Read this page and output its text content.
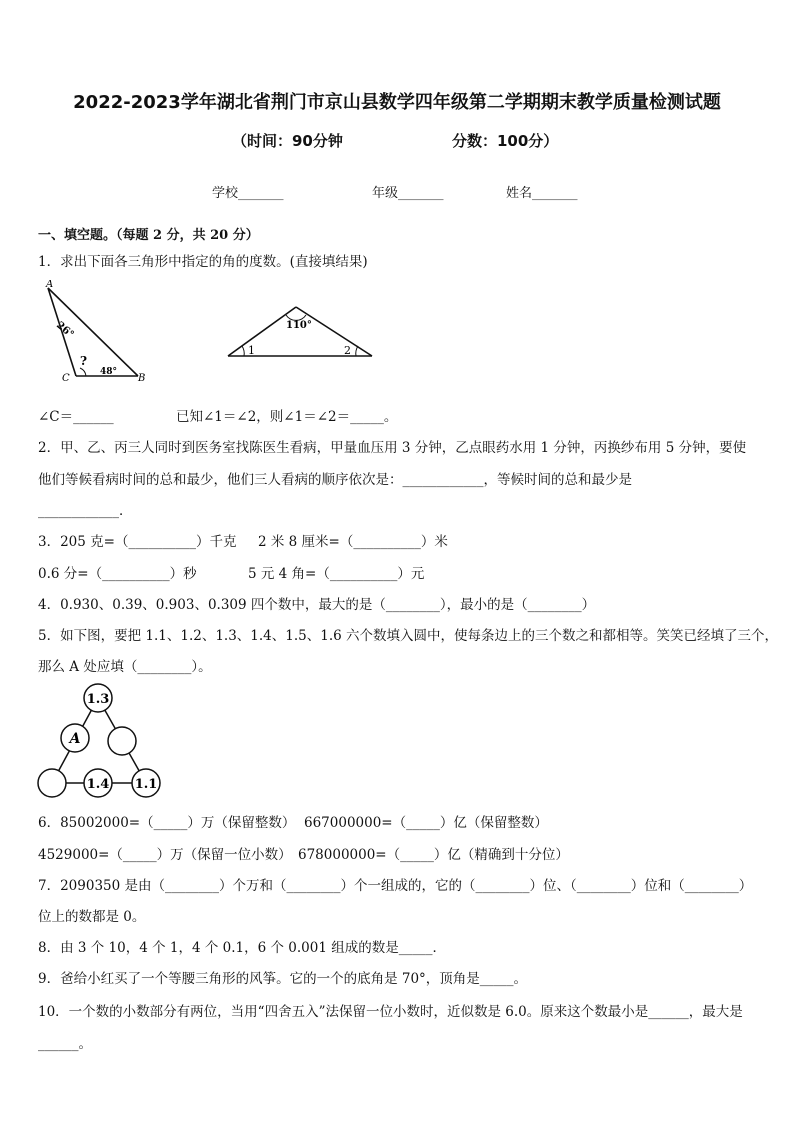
2022-2023学年湖北省荆门市京山县数学四年级第二学期期末教学质量检测试题
（时间：90分钟	分数：100分）
学校_______	年级_______	姓名_______
一、填空题。（每题 2 分，共 20 分）
1．求出下面各三角形中指定的角的度数。(直接填结果)
A
C	B
26°
?
48°
110°
1	2
∠C＝______	已知∠1＝∠2，则∠1＝∠2＝_____。
2．甲、乙、丙三人同时到医务室找陈医生看病，甲量血压用 3 分钟，乙点眼药水用 1 分钟，丙换纱布用 5 分钟，要使
他们等候看病时间的总和最少，他们三人看病的顺序依次是：____________，等候时间的总和最少是
____________．
3．205 克=（__________）千克 2 米 8 厘米=（__________）米
0.6 分=（__________）秒	5 元 4 角=（__________）元
4．0.930、0.39、0.903、0.309 四个数中，最大的是（________），最小的是（________）
5．如下图，要把 1.1、1.2、1.3、1.4、1.5、1.6 六个数填入圆中，使每条边上的三个数之和都相等。笑笑已经填了三个，
那么 A 处应填（________）。
1.3
A
1.4 1.1
6．85002000=（_____）万（保留整数） 667000000=（_____）亿（保留整数）
4529000=（_____）万（保留一位小数） 678000000=（_____）亿（精确到十分位）
7．2090350 是由（________）个万和（________）个一组成的，它的（________）位、（________）位和（________）
位上的数都是 0。
8．由 3 个 10，4 个 1，4 个 0.1，6 个 0.001 组成的数是_____．
9．爸给小红买了一个等腰三角形的风筝。它的一个的底角是 70°，顶角是_____。
10．一个数的小数部分有两位，当用“四舍五入”法保留一位小数时，近似数是 6.0。原来这个数最小是______，最大是
______。
